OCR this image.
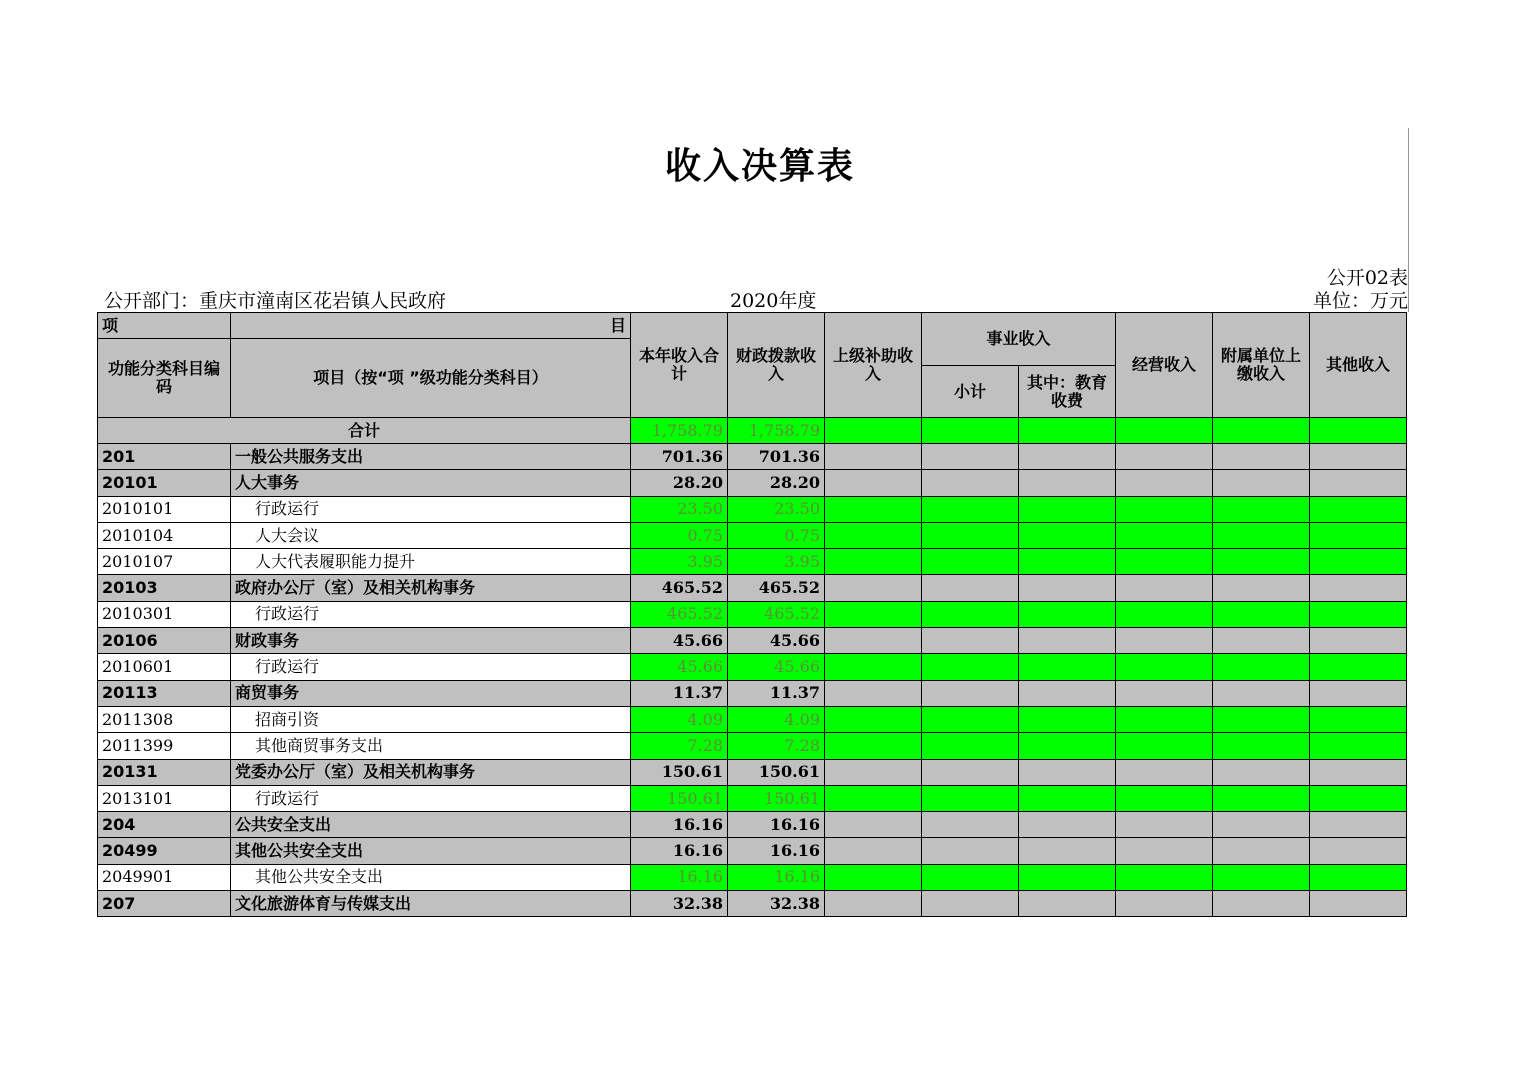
收入决算表
公开02表
公开部门：重庆市潼南区花岩镇人民政府	2020年度	单位：万元
项	目	本年收入合计	财政拨款收入	上级补助收入	事业收入		经营收入	附属单位上缴收入	其他收入
功能分类科目编码	项目（按“项 ”级功能分类科目）								
					小计	其中：教育收费			
合计		1,758.79	1,758.79						
201	一般公共服务支出	701.36	701.36						
20101	人大事务	28.20	28.20						
2010101	行政运行	23.50	23.50						
2010104	人大会议	0.75	0.75						
2010107	人大代表履职能力提升	3.95	3.95						
20103	政府办公厅（室）及相关机构事务	465.52	465.52						
2010301	行政运行	465.52	465.52						
20106	财政事务	45.66	45.66						
2010601	行政运行	45.66	45.66						
20113	商贸事务	11.37	11.37						
2011308	招商引资	4.09	4.09						
2011399	其他商贸事务支出	7.28	7.28						
20131	党委办公厅（室）及相关机构事务	150.61	150.61						
2013101	行政运行	150.61	150.61						
204	公共安全支出	16.16	16.16						
20499	其他公共安全支出	16.16	16.16						
2049901	其他公共安全支出	16.16	16.16						
207	文化旅游体育与传媒支出	32.38	32.38						
